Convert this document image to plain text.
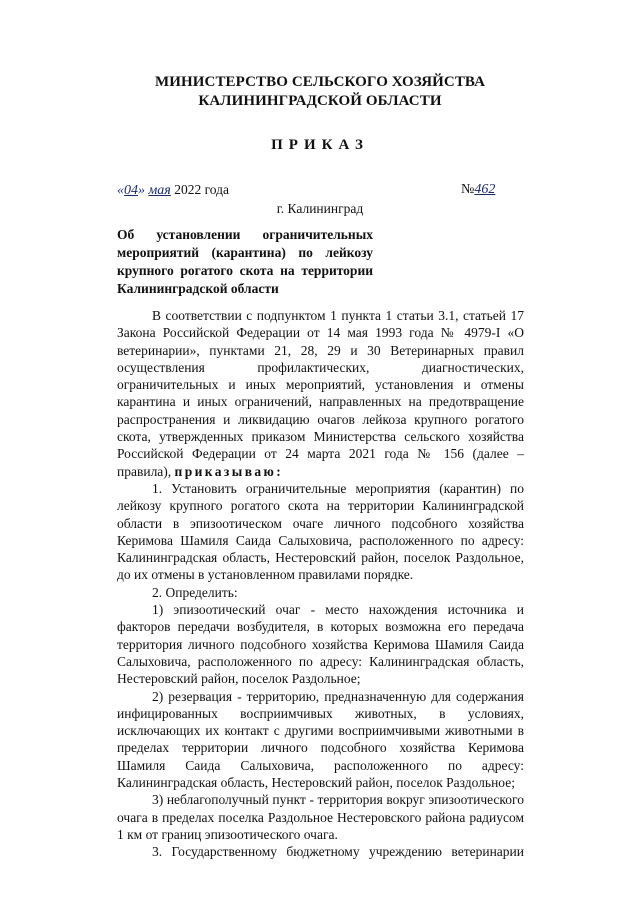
МИНИСТЕРСТВО СЕЛЬСКОГО ХОЗЯЙСТВА
КАЛИНИНГРАДСКОЙ ОБЛАСТИ
ПРИКАЗ
«04» мая 2022 года	№462
г. Калининград

Об установлении ограничительных

мероприятий (карантина) по лейкозу

крупного рогатого скота на территории

Калининградской области

В соответствии с подпунктом 1 пункта 1 статьи 3.1, статьей 17 Закона Российской Федерации от 14 мая 1993 года № 4979-I «О ветеринарии», пунктами 21, 28, 29 и 30 Ветеринарных правил осуществления профилактических, диагностических, ограничительных и иных мероприятий, установления и отмены карантина и иных ограничений, направленных на предотвращение распространения и ликвидацию очагов лейкоза крупного рогатого скота, утвержденных приказом Министерства сельского хозяйства Российской Федерации от 24 марта 2021 года № 156 (далее – правила), приказываю:

1. Установить ограничительные мероприятия (карантин) по лейкозу крупного рогатого скота на территории Калининградской области в эпизоотическом очаге личного подсобного хозяйства Керимова Шамиля Саида Салыховича, расположенного по адресу: Калининградская область, Нестеровский район, поселок Раздольное, до их отмены в установленном правилами порядке.

2. Определить:

1) эпизоотический очаг - место нахождения источника и факторов передачи возбудителя, в которых возможна его передача территория личного подсобного хозяйства Керимова Шамиля Саида Салыховича, расположенного по адресу: Калининградская область, Нестеровский район, поселок Раздольное;

2) резервация - территорию, предназначенную для содержания инфицированных восприимчивых животных, в условиях, исключающих их контакт с другими восприимчивыми животными в пределах территории личного подсобного хозяйства Керимова Шамиля Саида Салыховича, расположенного по адресу: Калининградская область, Нестеровский район, поселок Раздольное;

3) неблагополучный пункт - территория вокруг эпизоотического очага в пределах поселка Раздольное Нестеровского района радиусом 1 км от границ эпизоотического очага.

3. Государственному бюджетному учреждению ветеринарии
